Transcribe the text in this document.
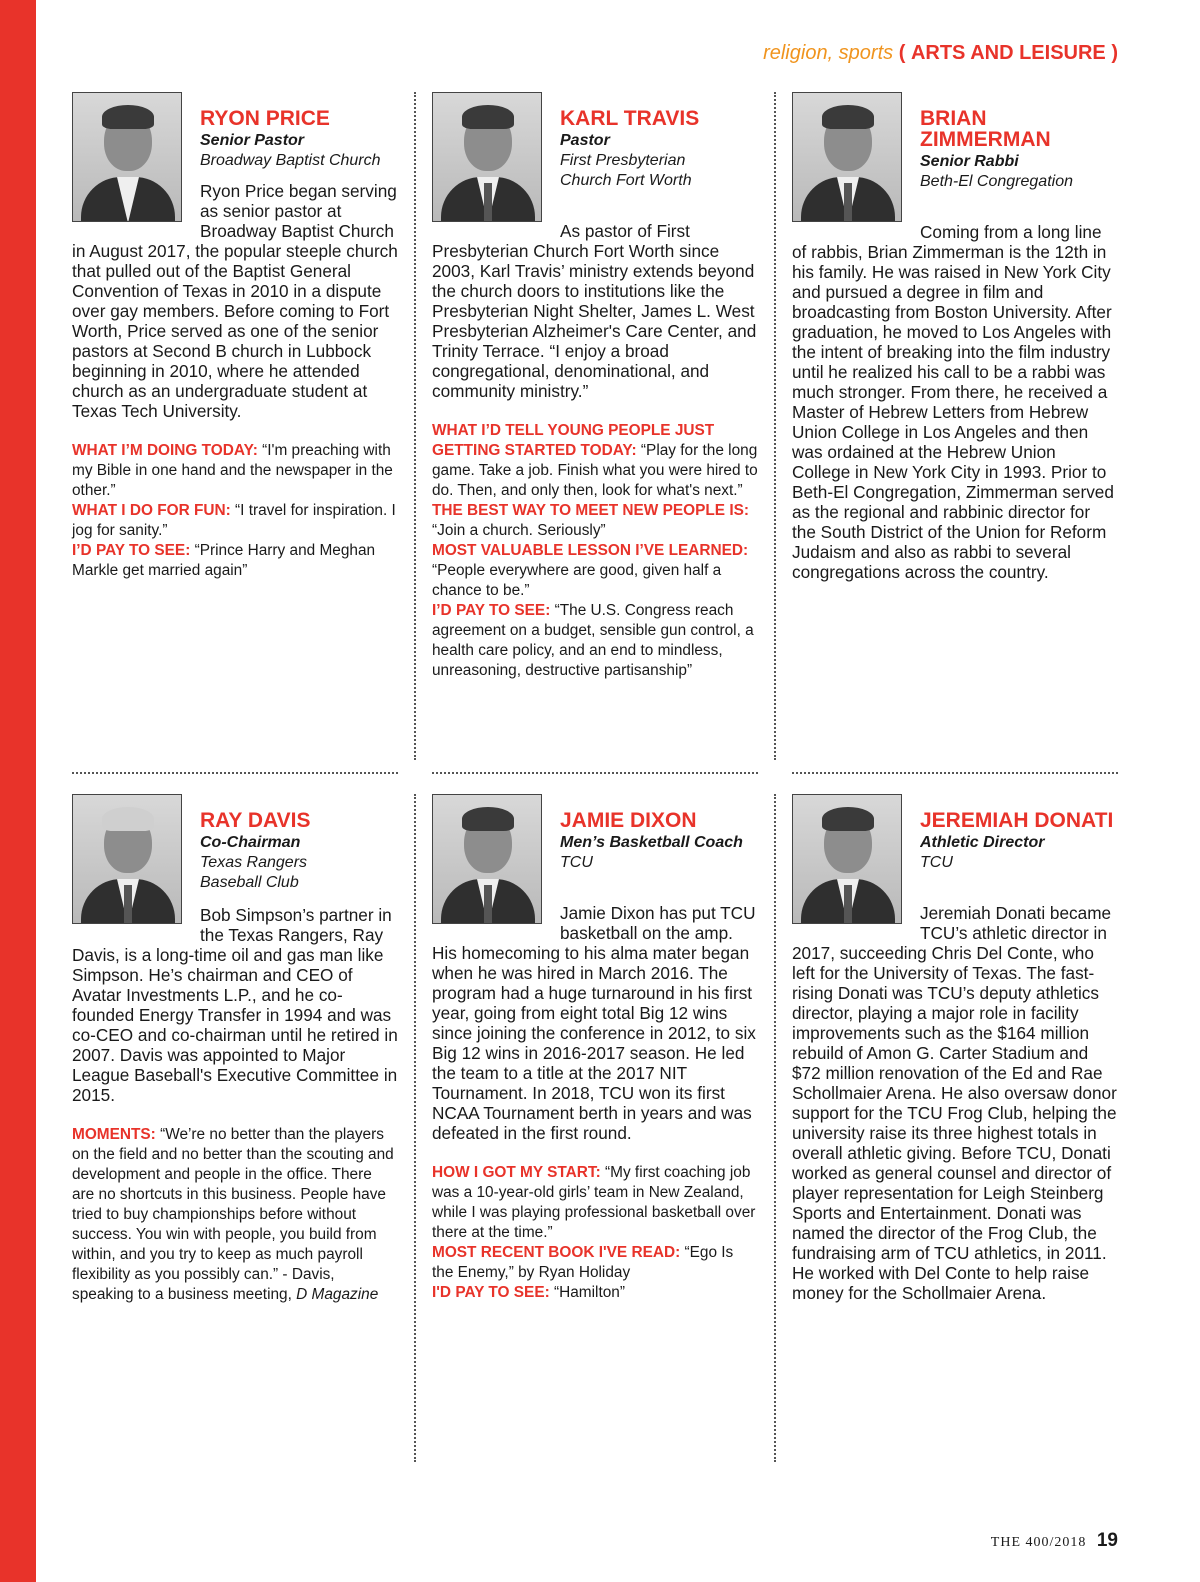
religion, sports ( ARTS AND LEISURE )
RYON PRICE
Senior Pastor
Broadway Baptist Church
Ryon Price began serving as senior pastor at Broadway Baptist Church in August 2017, the popular steeple church that pulled out of the Baptist General Convention of Texas in 2010 in a dispute over gay members. Before coming to Fort Worth, Price served as one of the senior pastors at Second B church in Lubbock beginning in 2010, where he attended church as an undergraduate student at Texas Tech University.
WHAT I’M DOING TODAY: “I'm preaching with my Bible in one hand and the newspaper in the other.”
WHAT I DO FOR FUN: “I travel for inspiration. I jog for sanity.”
I’D PAY TO SEE: “Prince Harry and Meghan Markle get married again”
KARL TRAVIS
Pastor
First Presbyterian Church Fort Worth
As pastor of First Presbyterian Church Fort Worth since 2003, Karl Travis’ ministry extends beyond the church doors to institutions like the Presbyterian Night Shelter, James L. West Presbyterian Alzheimer's Care Center, and Trinity Terrace. “I enjoy a broad congregational, denominational, and community ministry.”
WHAT I’D TELL YOUNG PEOPLE JUST GETTING STARTED TODAY: “Play for the long game. Take a job. Finish what you were hired to do. Then, and only then, look for what's next.”
THE BEST WAY TO MEET NEW PEOPLE IS: “Join a church. Seriously”
MOST VALUABLE LESSON I’VE LEARNED: “People everywhere are good, given half a chance to be.”
I’D PAY TO SEE: “The U.S. Congress reach agreement on a budget, sensible gun control, a health care policy, and an end to mindless, unreasoning, destructive partisanship”
BRIAN ZIMMERMAN
Senior Rabbi
Beth-El Congregation
Coming from a long line of rabbis, Brian Zimmerman is the 12th in his family. He was raised in New York City and pursued a degree in film and broadcasting from Boston University. After graduation, he moved to Los Angeles with the intent of breaking into the film industry until he realized his call to be a rabbi was much stronger. From there, he received a Master of Hebrew Letters from Hebrew Union College in Los Angeles and then was ordained at the Hebrew Union College in New York City in 1993. Prior to Beth-El Congregation, Zimmerman served as the regional and rabbinic director for the South District of the Union for Reform Judaism and also as rabbi to several congregations across the country.
RAY DAVIS
Co-Chairman
Texas Rangers Baseball Club
Bob Simpson’s partner in the Texas Rangers, Ray Davis, is a long-time oil and gas man like Simpson. He’s chairman and CEO of Avatar Investments L.P., and he co-founded Energy Transfer in 1994 and was co-CEO and co-chairman until he retired in 2007. Davis was appointed to Major League Baseball's Executive Committee in 2015.
MOMENTS: “We’re no better than the players on the field and no better than the scouting and development and people in the office. There are no shortcuts in this business. People have tried to buy championships before without success. You win with people, you build from within, and you try to keep as much payroll flexibility as you possibly can.” - Davis, speaking to a business meeting, D Magazine
JAMIE DIXON
Men’s Basketball Coach
TCU
Jamie Dixon has put TCU basketball on the amp. His homecoming to his alma mater began when he was hired in March 2016. The program had a huge turnaround in his first year, going from eight total Big 12 wins since joining the conference in 2012, to six Big 12 wins in 2016-2017 season. He led the team to a title at the 2017 NIT Tournament. In 2018, TCU won its first NCAA Tournament berth in years and was defeated in the first round.
HOW I GOT MY START: “My first coaching job was a 10-year-old girls’ team in New Zealand, while I was playing professional basketball over there at the time.”
MOST RECENT BOOK I'VE READ: “Ego Is the Enemy,” by Ryan Holiday
I'D PAY TO SEE: “Hamilton”
JEREMIAH DONATI
Athletic Director
TCU
Jeremiah Donati became TCU’s athletic director in 2017, succeeding Chris Del Conte, who left for the University of Texas. The fast-rising Donati was TCU’s deputy athletics director, playing a major role in facility improvements such as the $164 million rebuild of Amon G. Carter Stadium and $72 million renovation of the Ed and Rae Schollmaier Arena. He also oversaw donor support for the TCU Frog Club, helping the university raise its three highest totals in overall athletic giving. Before TCU, Donati worked as general counsel and director of player representation for Leigh Steinberg Sports and Entertainment. Donati was named the director of the Frog Club, the fundraising arm of TCU athletics, in 2011. He worked with Del Conte to help raise money for the Schollmaier Arena.
THE 400/2018 19
